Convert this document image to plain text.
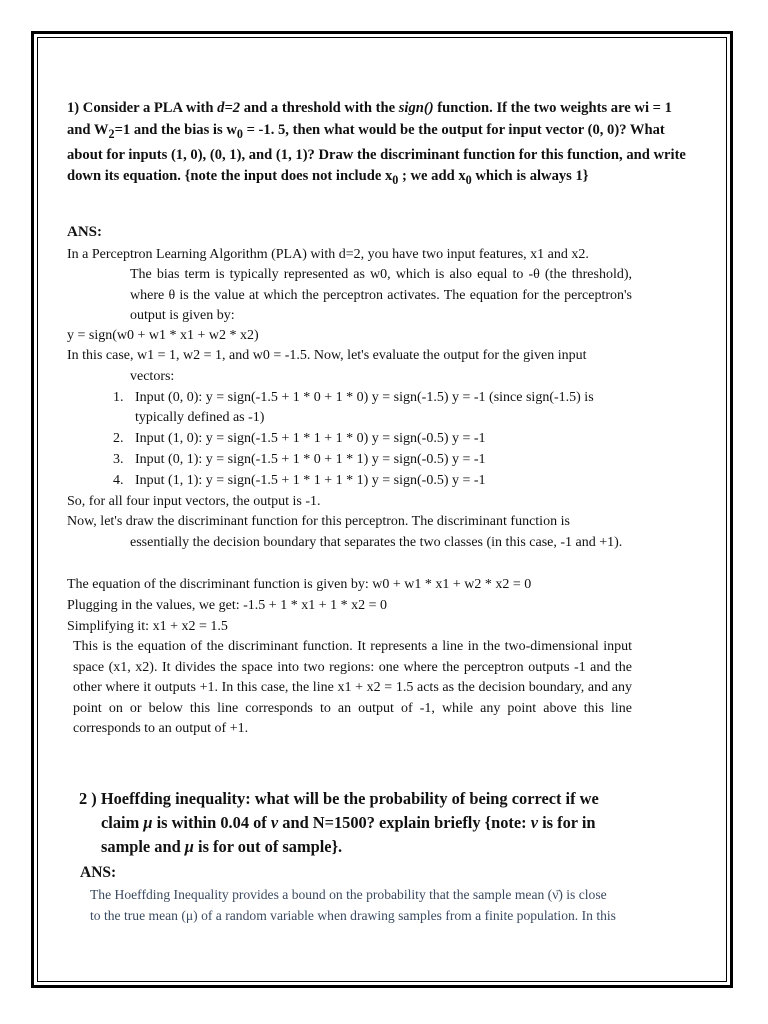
1) Consider a PLA with d=2 and a threshold with the sign() function. If the two weights are wi = 1 and $W_2=1$ and the bias is $w_0 = -1$. 5, then what would be the output for input vector (0, 0)? What about for inputs (1, 0), (0, 1), and (1, 1)? Draw the discriminant function for this function, and write down its equation. {note the input does not include $x_0$ ; we add $x_0$ which is always 1}
ANS:
In a Perceptron Learning Algorithm (PLA) with d=2, you have two input features, x1 and x2.
The bias term is typically represented as w0, which is also equal to -θ (the threshold), where θ is the value at which the perceptron activates. The equation for the perceptron's output is given by:
y = sign(w0 + w1 * x1 + w2 * x2)
In this case, w1 = 1, w2 = 1, and w0 = -1.5. Now, let's evaluate the output for the given input
vectors:
1. Input (0, 0): y = sign(-1.5 + 1 * 0 + 1 * 0) y = sign(-1.5) y = -1 (since sign(-1.5) is
typically defined as -1)
2. Input (1, 0): y = sign(-1.5 + 1 * 1 + 1 * 0) y = sign(-0.5) y = -1
3. Input (0, 1): y = sign(-1.5 + 1 * 0 + 1 * 1) y = sign(-0.5) y = -1
4. Input (1, 1): y = sign(-1.5 + 1 * 1 + 1 * 1) y = sign(-0.5) y = -1
So, for all four input vectors, the output is -1.
Now, let's draw the discriminant function for this perceptron. The discriminant function is
essentially the decision boundary that separates the two classes (in this case, -1 and +1).
The equation of the discriminant function is given by: w0 + w1 * x1 + w2 * x2 = 0
Plugging in the values, we get: -1.5 + 1 * x1 + 1 * x2 = 0
Simplifying it: x1 + x2 = 1.5
This is the equation of the discriminant function. It represents a line in the two-dimensional input space (x1, x2). It divides the space into two regions: one where the perceptron outputs -1 and the other where it outputs +1. In this case, the line x1 + x2 = 1.5 acts as the decision boundary, and any point on or below this line corresponds to an output of -1, while any point above this line corresponds to an output of +1.
2 ) Hoeffding inequality: what will be the probability of being correct if we
claim μ is within 0.04 of ν and N=1500? explain briefly {note: ν is for in
sample and μ is for out of sample}.
ANS:
The Hoeffding Inequality provides a bound on the probability that the sample mean (ν̄) is close
to the true mean (μ) of a random variable when drawing samples from a finite population. In this
